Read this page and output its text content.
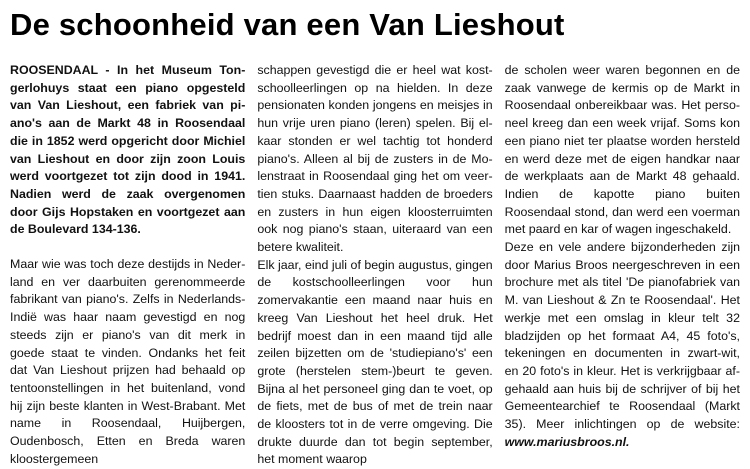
De schoonheid van een Van Lieshout

ROOSENDAAL - In het Museum Tongerlohuys staat een piano opgesteld van Van Lieshout, een fabriek van piano's aan de Markt 48 in Roosendaal die in 1852 werd opgericht door Michiel van Lieshout en door zijn zoon Louis werd voortgezet tot zijn dood in 1941. Nadien werd de zaak overgenomen door Gijs Hopstaken en voortgezet aan de Boulevard 134-136.

Maar wie was toch deze destijds in Nederland en ver daarbuiten gerenommeerde fabrikant van piano's. Zelfs in Nederlands-Indië was haar naam gevestigd en nog steeds zijn er piano's van dit merk in goede staat te vinden. Ondanks het feit dat Van Lieshout prijzen had behaald op tentoonstellingen in het buitenland, vond hij zijn beste klanten in West-Brabant. Met name in Roosendaal, Huijbergen, Oudenbosch, Etten en Breda waren kloostergemeen

schappen gevestigd die er heel wat kostschoolleerlingen op na hielden. In deze pensionaten konden jongens en meisjes in hun vrije uren piano (leren) spelen. Bij elkaar stonden er wel tachtig tot honderd piano's. Alleen al bij de zusters in de Molenstraat in Roosendaal ging het om veertien stuks. Daarnaast hadden de broeders en zusters in hun eigen kloosterruimten ook nog piano's staan, uiteraard van een betere kwaliteit.

Elk jaar, eind juli of begin augustus, gingen de kostschoolleerlingen voor hun zomervаkantie een maand naar huis en kreeg Van Lieshout het heel druk. Het bedrijf moest dan in een maand tijd alle zeilen bijzetten om de 'studiepiano's' een grote (herstelen stem-)beurt te geven. Bijna al het personeel ging dan te voet, op de fiets, met de bus of met de trein naar de kloosters tot in de verre omgeving. Die drukte duurde dan tot begin september, het moment waarop

de scholen weer waren begonnen en de zaak vanwege de kermis op de Markt in Roosendaal onbereikbaar was. Het personeel kreeg dan een week vrijaf. Soms kon een piano niet ter plaatse worden hersteld en werd deze met de eigen handkar naar de werkplaats aan de Markt 48 gehaald. Indien de kapotte piano buiten Roosendaal stond, dan werd een voerman met paard en kar of wagen ingeschakeld.

Deze en vele andere bijzonderheden zijn door Marius Broos neergeschreven in een brochure met als titel 'De pianofabriek van M. van Lieshout & Zn te Roosendaal'. Het werkje met een omslag in kleur telt 32 bladzijden op het formaat A4, 45 foto's, tekeningen en documenten in zwart-wit, en 20 foto's in kleur. Het is verkrijgbaar afgehaald aan huis bij de schrijver of bij het Gemeentearchief te Roosendaal (Markt 35). Meer inlichtingen op de website: www.mariusbroos.nl.
